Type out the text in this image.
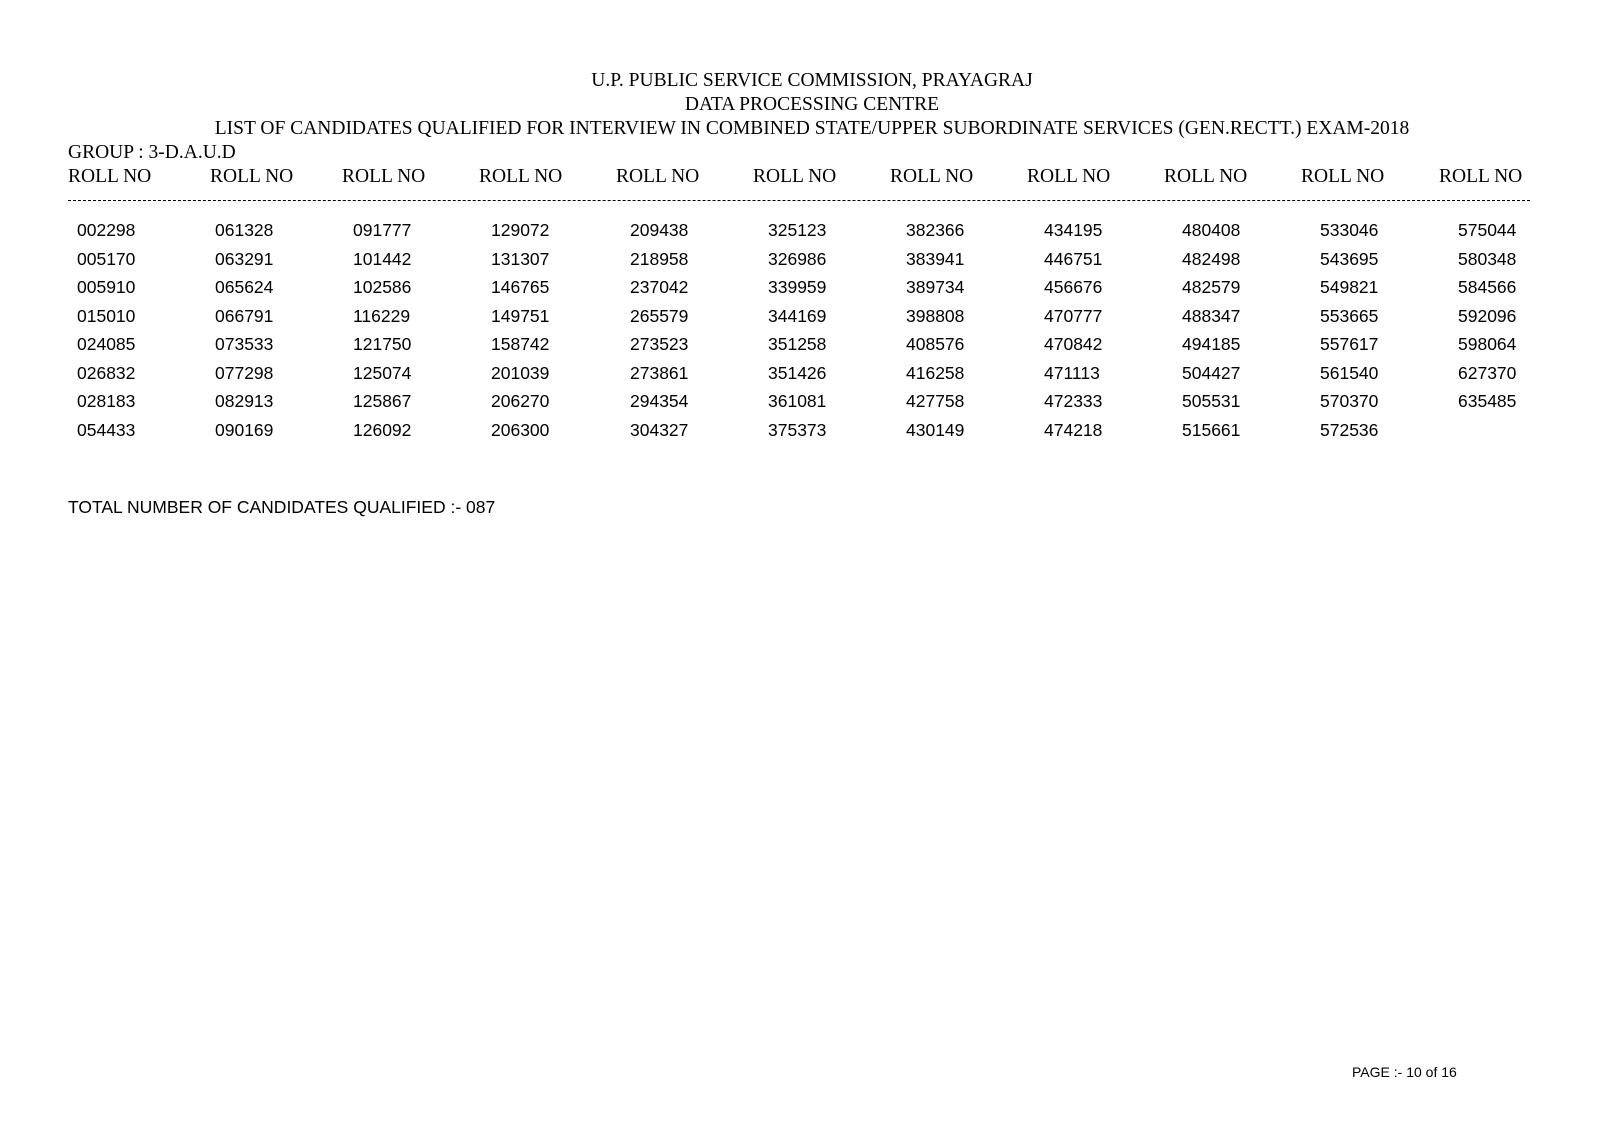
U.P. PUBLIC SERVICE COMMISSION, PRAYAGRAJ
DATA PROCESSING CENTRE
LIST OF CANDIDATES QUALIFIED FOR INTERVIEW IN COMBINED STATE/UPPER SUBORDINATE SERVICES (GEN.RECTT.) EXAM-2018
GROUP : 3-D.A.U.D
ROLL NO
002298
005170
005910
015010
024085
026832
028183
054433
ROLL NO
061328
063291
065624
066791
073533
077298
082913
090169
ROLL NO
091777
101442
102586
116229
121750
125074
125867
126092
ROLL NO
129072
131307
146765
149751
158742
201039
206270
206300
ROLL NO
209438
218958
237042
265579
273523
273861
294354
304327
ROLL NO
325123
326986
339959
344169
351258
351426
361081
375373
ROLL NO
382366
383941
389734
398808
408576
416258
427758
430149
ROLL NO
434195
446751
456676
470777
470842
471113
472333
474218
ROLL NO
480408
482498
482579
488347
494185
504427
505531
515661
ROLL NO
533046
543695
549821
553665
557617
561540
570370
572536
ROLL NO
575044
580348
584566
592096
598064
627370
635485
TOTAL NUMBER OF CANDIDATES QUALIFIED :- 087
PAGE :- 10 of 16
